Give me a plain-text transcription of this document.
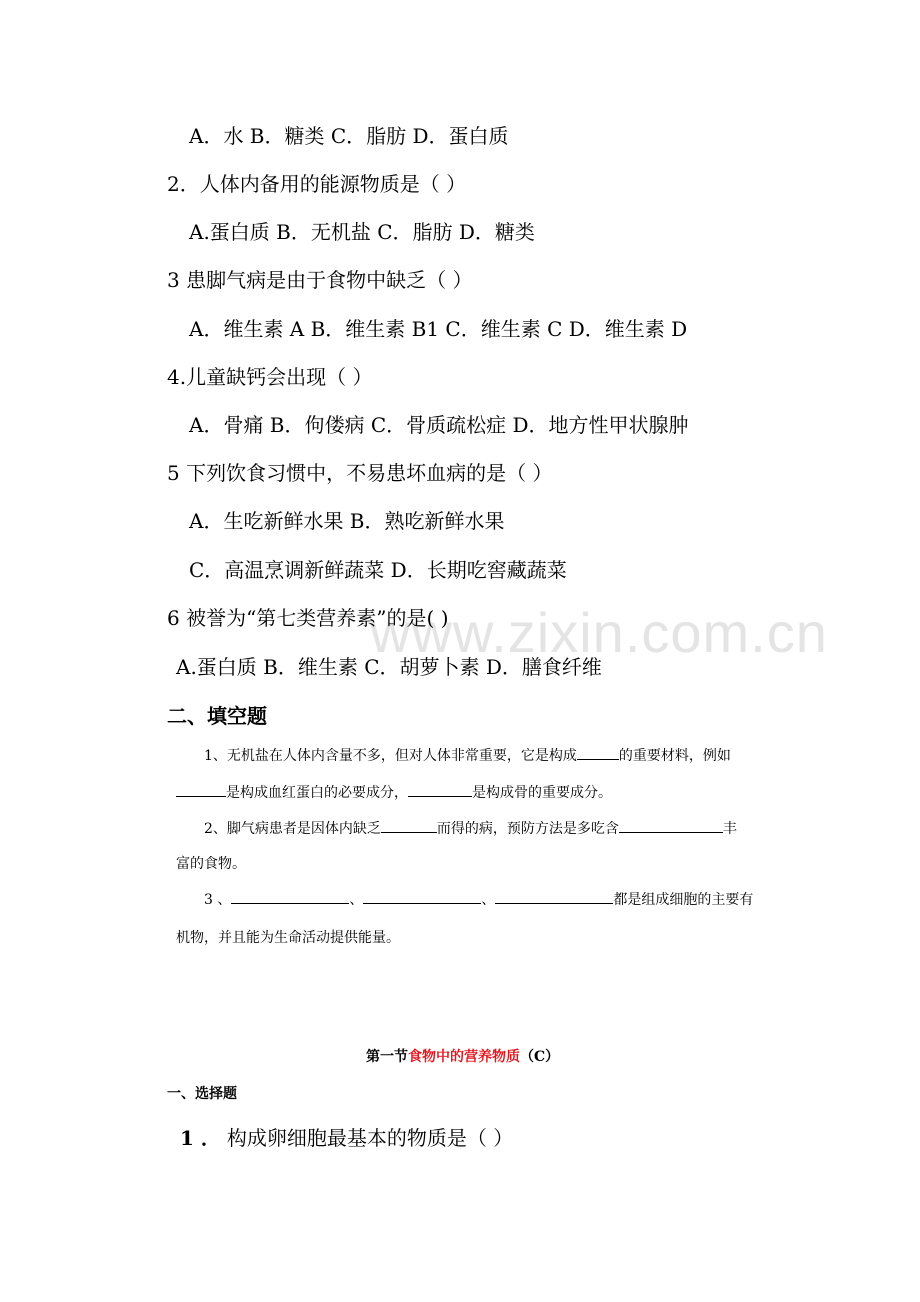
www.zixin.com.cn
A．水 B．糖类 C．脂肪 D．蛋白质
2．人体内备用的能源物质是（ ）
A.蛋白质 B．无机盐 C．脂肪 D．糖类
3 患脚气病是由于食物中缺乏（ ）
A．维生素 A B．维生素 B1 C．维生素 C D．维生素 D
4.儿童缺钙会出现（ ）
A．骨痛 B．佝偻病 C．骨质疏松症 D．地方性甲状腺肿
5 下列饮食习惯中，不易患坏血病的是（ ）
A．生吃新鲜水果 B．熟吃新鲜水果
C．高温烹调新鲜蔬菜 D．长期吃窖藏蔬菜
6 被誉为“第七类营养素”的是( )
A.蛋白质 B．维生素 C．胡萝卜素 D．膳食纤维
二、填空题
1、无机盐在人体内含量不多，但对人体非常重要，它是构成	的重要材料，例如
是构成血红蛋白的必要成分，	是构成骨的重要成分。
2、脚气病患者是因体内缺乏	而得的病，预防方法是多吃含	丰
富的食物。
3 、	、	、	都是组成细胞的主要有
机物，并且能为生命活动提供能量。
第一节食物中的营养物质（C）
一、选择题
1 ． 构成卵细胞最基本的物质是（ ）
